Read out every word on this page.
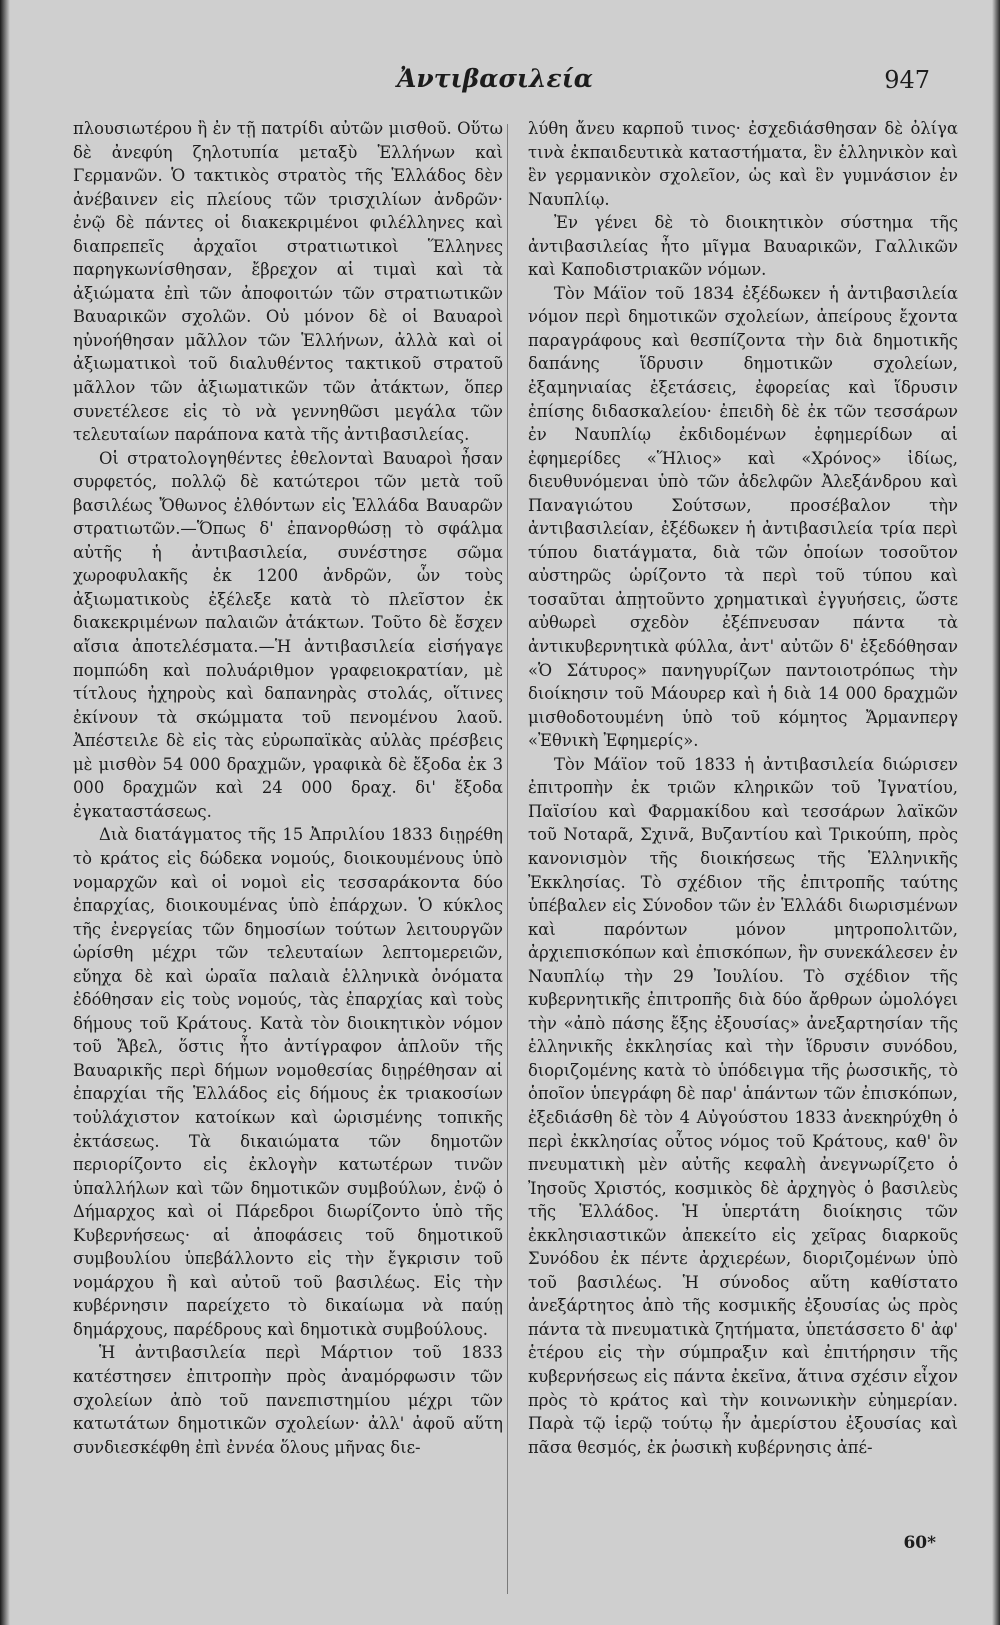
Ἀντιβασιλεία	947

πλουσιωτέρου ἢ ἐν τῇ πατρίδι αὐτῶν μισθοῦ. Οὕτω δὲ ἀνεφύη ζηλοτυπία μεταξὺ Ἑλλήνων καὶ Γερμανῶν. Ὁ τακτικὸς στρατὸς τῆς Ἑλλάδος δὲν ἀνέβαινεν εἰς πλείους τῶν τρισχιλίων ἀνδρῶν· ἐνῷ δὲ πάντες οἱ διακεκριμένοι φιλέλληνες καὶ διαπρεπεῖς ἀρχαῖοι στρατιωτικοὶ Ἕλληνες παρηγκωνίσθησαν, ἔβρεχον αἱ τιμαὶ καὶ τὰ ἀξιώματα ἐπὶ τῶν ἀποφοιτών τῶν στρατιωτικῶν Βαυαρικῶν σχολῶν. Οὐ μόνον δὲ οἱ Βαυαροὶ ηὐνοήθησαν μᾶλλον τῶν Ἑλλήνων, ἀλλὰ καὶ οἱ ἀξιωματικοὶ τοῦ διαλυθέντος τακτικοῦ στρατοῦ μᾶλλον τῶν ἀξιωματικῶν τῶν ἀτάκτων, ὅπερ συνετέλεσε εἰς τὸ νὰ γεννηθῶσι μεγάλα τῶν τελευταίων παράπονα κατὰ τῆς ἀντιβασιλείας.

Οἱ στρατολογηθέντες ἐθελονταὶ Βαυαροὶ ἦσαν συρφετός, πολλῷ δὲ κατώτεροι τῶν μετὰ τοῦ βασιλέως Ὄθωνος ἐλθόντων εἰς Ἑλλάδα Βαυαρῶν στρατιωτῶν.—Ὅπως δ' ἐπανορθώσῃ τὸ σφάλμα αὐτῆς ἡ ἀντιβασιλεία, συνέστησε σῶμα χωροφυλακῆς ἐκ 1200 ἀνδρῶν, ὧν τοὺς ἀξιωματικοὺς ἐξέλεξε κατὰ τὸ πλεῖστον ἐκ διακεκριμένων παλαιῶν ἀτάκτων. Τοῦτο δὲ ἔσχεν αἴσια ἀποτελέσματα.—Ἡ ἀντιβασιλεία εἰσήγαγε πομπώδη καὶ πολυάριθμον γραφειοκρατίαν, μὲ τίτλους ἠχηροὺς καὶ δαπανηρὰς στολάς, οἵτινες ἐκίνουν τὰ σκώμματα τοῦ πενομένου λαοῦ. Ἀπέστειλε δὲ εἰς τὰς εὐρωπαϊκὰς αὐλὰς πρέσβεις μὲ μισθὸν 54 000 δραχμῶν, γραφικὰ δὲ ἔξοδα ἐκ 3 000 δραχμῶν καὶ 24 000 δραχ. δι' ἔξοδα ἐγκαταστάσεως.

Διὰ διατάγματος τῆς 15 Ἀπριλίου 1833 διῃρέθη τὸ κράτος εἰς δώδεκα νομούς, διοικουμένους ὑπὸ νομαρχῶν καὶ οἱ νομοὶ εἰς τεσσαράκοντα δύο ἐπαρχίας, διοικουμένας ὑπὸ ἐπάρχων. Ὁ κύκλος τῆς ἐνεργείας τῶν δημοσίων τούτων λειτουργῶν ὡρίσθη μέχρι τῶν τελευταίων λεπτομερειῶν, εὔηχα δὲ καὶ ὡραῖα παλαιὰ ἑλληνικὰ ὀνόματα ἐδόθησαν εἰς τοὺς νομούς, τὰς ἐπαρχίας καὶ τοὺς δήμους τοῦ Κράτους. Κατὰ τὸν διοικητικὸν νόμον τοῦ Ἄβελ, ὅστις ἦτο ἀντίγραφον ἁπλοῦν τῆς Βαυαρικῆς περὶ δήμων νομοθεσίας διῃρέθησαν αἱ ἐπαρχίαι τῆς Ἑλλάδος εἰς δήμους ἐκ τριακοσίων τοὐλάχιστον κατοίκων καὶ ὡρισμένης τοπικῆς ἐκτάσεως. Τὰ δικαιώματα τῶν δημοτῶν περιορίζοντο εἰς ἐκλογὴν κατωτέρων τινῶν ὑπαλλήλων καὶ τῶν δημοτικῶν συμβούλων, ἐνῷ ὁ Δήμαρχος καὶ οἱ Πάρεδροι διωρίζοντο ὑπὸ τῆς Κυβερνήσεως· αἱ ἀποφάσεις τοῦ δημοτικοῦ συμβουλίου ὑπεβάλλοντο εἰς τὴν ἔγκρισιν τοῦ νομάρχου ἢ καὶ αὐτοῦ τοῦ βασιλέως. Εἰς τὴν κυβέρνησιν παρείχετο τὸ δικαίωμα νὰ παύῃ δημάρχους, παρέδρους καὶ δημοτικὰ συμβούλους.

Ἡ ἀντιβασιλεία περὶ Μάρτιον τοῦ 1833 κατέστησεν ἐπιτροπὴν πρὸς ἀναμόρφωσιν τῶν σχολείων ἀπὸ τοῦ πανεπιστημίου μέχρι τῶν κατωτάτων δημοτικῶν σχολείων· ἀλλ' ἀφοῦ αὕτη συνδιεσκέφθη ἐπὶ ἐννέα ὅλους μῆνας διε-

λύθη ἄνευ καρποῦ τινος· ἐσχεδιάσθησαν δὲ ὀλίγα τινὰ ἐκπαιδευτικὰ καταστήματα, ἓν ἑλληνικὸν καὶ ἓν γερμανικὸν σχολεῖον, ὡς καὶ ἓν γυμνάσιον ἐν Ναυπλίῳ.

Ἐν γένει δὲ τὸ διοικητικὸν σύστημα τῆς ἀντιβασιλείας ἦτο μῖγμα Βαυαρικῶν, Γαλλικῶν καὶ Καποδιστριακῶν νόμων.

Τὸν Μάϊον τοῦ 1834 ἐξέδωκεν ἡ ἀντιβασιλεία νόμον περὶ δημοτικῶν σχολείων, ἀπείρους ἔχοντα παραγράφους καὶ θεσπίζοντα τὴν διὰ δημοτικῆς δαπάνης ἵδρυσιν δημοτικῶν σχολείων, ἐξαμηνιαίας ἐξετάσεις, ἐφορείας καὶ ἵδρυσιν ἐπίσης διδασκαλείου· ἐπειδὴ δὲ ἐκ τῶν τεσσάρων ἐν Ναυπλίῳ ἐκδιδομένων ἐφημερίδων αἱ ἐφημερίδες «Ἥλιος» καὶ «Χρόνος» ἰδίως, διευθυνόμεναι ὑπὸ τῶν ἀδελφῶν Ἀλεξάνδρου καὶ Παναγιώτου Σούτσων, προσέβαλον τὴν ἀντιβασιλείαν, ἐξέδωκεν ἡ ἀντιβασιλεία τρία περὶ τύπου διατάγματα, διὰ τῶν ὁποίων τοσοῦτον αὐστηρῶς ὡρίζοντο τὰ περὶ τοῦ τύπου καὶ τοσαῦται ἀπῃτοῦντο χρηματικαὶ ἐγγυήσεις, ὥστε αὐθωρεὶ σχεδὸν ἐξέπνευσαν πάντα τὰ ἀντικυβερνητικὰ φύλλα, ἀντ' αὐτῶν δ' ἐξεδόθησαν «Ὁ Σάτυρος» πανηγυρίζων παντοιοτρόπως τὴν διοίκησιν τοῦ Μάουρερ καὶ ἡ διὰ 14 000 δραχμῶν μισθοδοτουμένη ὑπὸ τοῦ κόμητος Ἄρμανπεργ «Ἐθνικὴ Ἐφημερίς».

Τὸν Μάϊον τοῦ 1833 ἡ ἀντιβασιλεία διώρισεν ἐπιτροπὴν ἐκ τριῶν κληρικῶν τοῦ Ἰγνατίου, Παϊσίου καὶ Φαρμακίδου καὶ τεσσάρων λαϊκῶν τοῦ Νοταρᾶ, Σχινᾶ, Βυζαντίου καὶ Τρικούπη, πρὸς κανονισμὸν τῆς διοικήσεως τῆς Ἑλληνικῆς Ἐκκλησίας. Τὸ σχέδιον τῆς ἐπιτροπῆς ταύτης ὑπέβαλεν εἰς Σύνοδον τῶν ἐν Ἑλλάδι διωρισμένων καὶ παρόντων μόνον μητροπολιτῶν, ἀρχιεπισκόπων καὶ ἐπισκόπων, ἣν συνεκάλεσεν ἐν Ναυπλίῳ τὴν 29 Ἰουλίου. Τὸ σχέδιον τῆς κυβερνητικῆς ἐπιτροπῆς διὰ δύο ἄρθρων ὡμολόγει τὴν «ἀπὸ πάσης ἔξης ἐξουσίας» ἀνεξαρτησίαν τῆς ἑλληνικῆς ἐκκλησίας καὶ τὴν ἵδρυσιν συνόδου, διοριζομένης κατὰ τὸ ὑπόδειγμα τῆς ῥωσσικῆς, τὸ ὁποῖον ὑπεγράφη δὲ παρ' ἁπάντων τῶν ἐπισκόπων, ἐξεδιάσθη δὲ τὸν 4 Αὐγούστου 1833 ἀνεκηρύχθη ὁ περὶ ἐκκλησίας οὗτος νόμος τοῦ Κράτους, καθ' ὃν πνευματικὴ μὲν αὐτῆς κεφαλὴ ἀνεγνωρίζετο ὁ Ἰησοῦς Χριστός, κοσμικὸς δὲ ἀρχηγὸς ὁ βασιλεὺς τῆς Ἑλλάδος. Ἡ ὑπερτάτη διοίκησις τῶν ἐκκλησιαστικῶν ἀπεκείτο εἰς χεῖρας διαρκοῦς Συνόδου ἐκ πέντε ἀρχιερέων, διοριζομένων ὑπὸ τοῦ βασιλέως. Ἡ σύνοδος αὕτη καθίστατο ἀνεξάρτητος ἀπὸ τῆς κοσμικῆς ἐξουσίας ὡς πρὸς πάντα τὰ πνευματικὰ ζητήματα, ὑπετάσσετο δ' ἀφ' ἑτέρου εἰς τὴν σύμπραξιν καὶ ἐπιτήρησιν τῆς κυβερνήσεως εἰς πάντα ἐκεῖνα, ἅτινα σχέσιν εἶχον πρὸς τὸ κράτος καὶ τὴν κοινωνικὴν εὐημερίαν. Παρὰ τῷ ἱερῷ τούτῳ ἦν ἀμερίστου ἐξουσίας καὶ πᾶσα θεσμός, ἐκ ῥωσικὴ κυβέρνησις ἀπέ-

60*
